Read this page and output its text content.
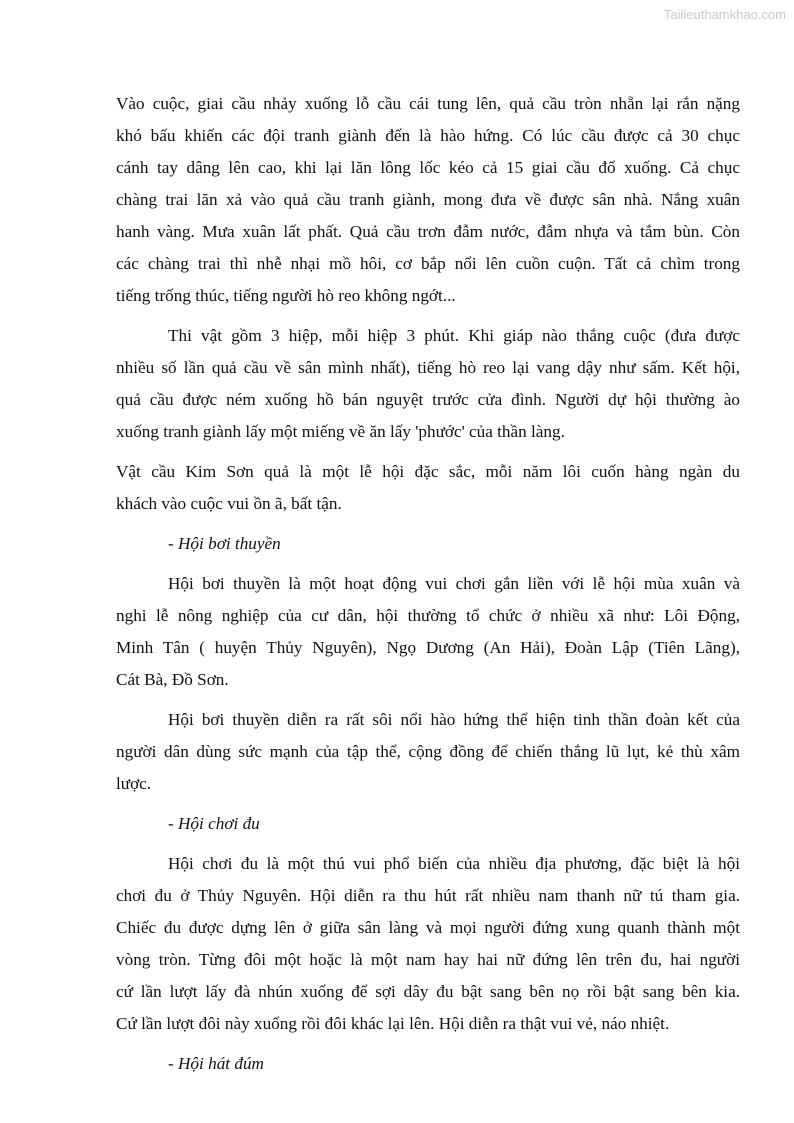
Tailieuthamkhao.com
Vào cuộc, giai cầu nhảy xuống lỗ cầu cái tung lên, quả cầu tròn nhẵn lại rắn nặng
khó bấu khiến các đội tranh giành đến là hào hứng. Có lúc cầu được cả 30 chục
cánh tay dâng lên cao, khi lại lăn lông lốc kéo cả 15 giai cầu đổ xuống. Cả chục
chàng trai lăn xả vào quả cầu tranh giành, mong đưa về được sân nhà. Nắng xuân
hanh vàng. Mưa xuân lất phất. Quả cầu trơn đẫm nước, đẫm nhựa và tắm bùn. Còn
các chàng trai thì nhễ nhại mồ hôi, cơ bắp nổi lên cuồn cuộn. Tất cả chìm trong
tiếng trống thúc, tiếng người hò reo không ngớt...
Thi vật gồm 3 hiệp, mỗi hiệp 3 phút. Khi giáp nào thắng cuộc (đưa được
nhiều số lần quả cầu về sân mình nhất), tiếng hò reo lại vang dậy như sấm. Kết hội,
quả cầu được ném xuống hồ bán nguyệt trước cửa đình. Người dự hội thường ào
xuống tranh giành lấy một miếng về ăn lấy 'phước' của thần làng.
Vật cầu Kim Sơn quả là một lễ hội đặc sắc, mỗi năm lôi cuốn hàng ngàn du
khách vào cuộc vui ồn ã, bất tận.
- Hội bơi thuyền
Hội bơi thuyền là một hoạt động vui chơi gắn liền với lễ hội mùa xuân và
nghi lễ nông nghiệp của cư dân, hội thường tổ chức ở nhiều xã như: Lôi Động,
Minh Tân ( huyện Thủy Nguyên), Ngọ Dương (An Hải), Đoàn Lập (Tiên Lãng),
Cát Bà, Đồ Sơn.
Hội bơi thuyền diễn ra rất sôi nổi hào hứng thể hiện tinh thần đoàn kết của
người dân dùng sức mạnh của tập thể, cộng đồng để chiến thắng lũ lụt, kẻ thù xâm
lược.
- Hội chơi đu
Hội chơi đu là một thú vui phổ biến của nhiều địa phương, đặc biệt là hội
chơi đu ở Thủy Nguyên. Hội diễn ra thu hút rất nhiều nam thanh nữ tú tham gia.
Chiếc đu được dựng lên ở giữa sân làng và mọi người đứng xung quanh thành một
vòng tròn. Từng đôi một hoặc là một nam hay hai nữ đứng lên trên đu, hai người
cứ lần lượt lấy đà nhún xuống để sợi dây đu bật sang bên nọ rồi bật sang bên kia.
Cứ lần lượt đôi này xuống rồi đôi khác lại lên. Hội diễn ra thật vui vẻ, náo nhiệt.
- Hội hát đúm
